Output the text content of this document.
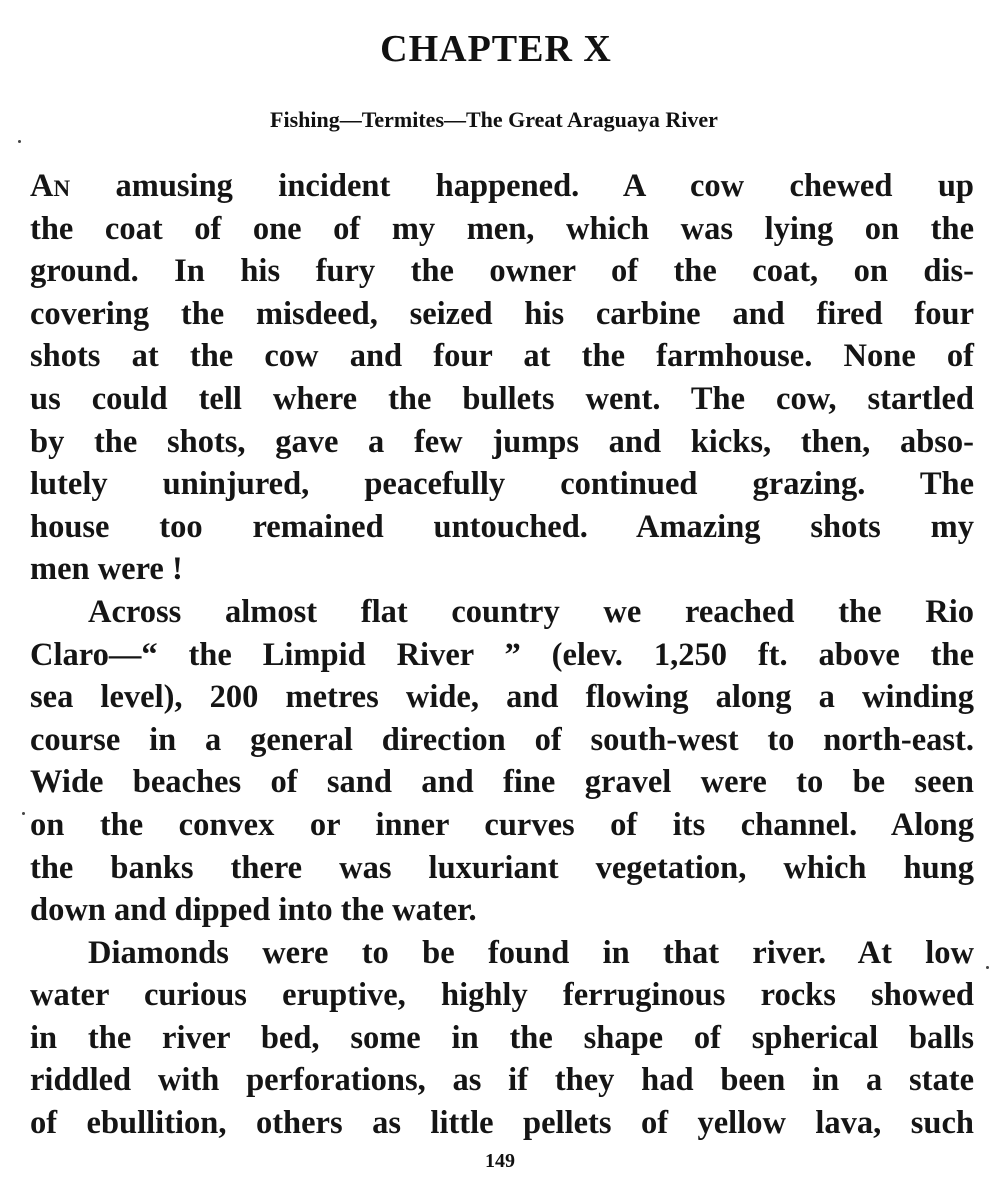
CHAPTER X
Fishing—Termites—The Great Araguaya River
An amusing incident happened. A cow chewed up
the coat of one of my men, which was lying on the
ground. In his fury the owner of the coat, on dis-
covering the misdeed, seized his carbine and fired four
shots at the cow and four at the farmhouse. None of
us could tell where the bullets went. The cow, startled
by the shots, gave a few jumps and kicks, then, abso-
lutely uninjured, peacefully continued grazing. The
house too remained untouched. Amazing shots my
men were !
Across almost flat country we reached the Rio
Claro—“ the Limpid River ” (elev. 1,250 ft. above the
sea level), 200 metres wide, and flowing along a winding
course in a general direction of south-west to north-east.
Wide beaches of sand and fine gravel were to be seen
on the convex or inner curves of its channel. Along
the banks there was luxuriant vegetation, which hung
down and dipped into the water.
Diamonds were to be found in that river. At low
water curious eruptive, highly ferruginous rocks showed
in the river bed, some in the shape of spherical balls
riddled with perforations, as if they had been in a state
of ebullition, others as little pellets of yellow lava, such
149
